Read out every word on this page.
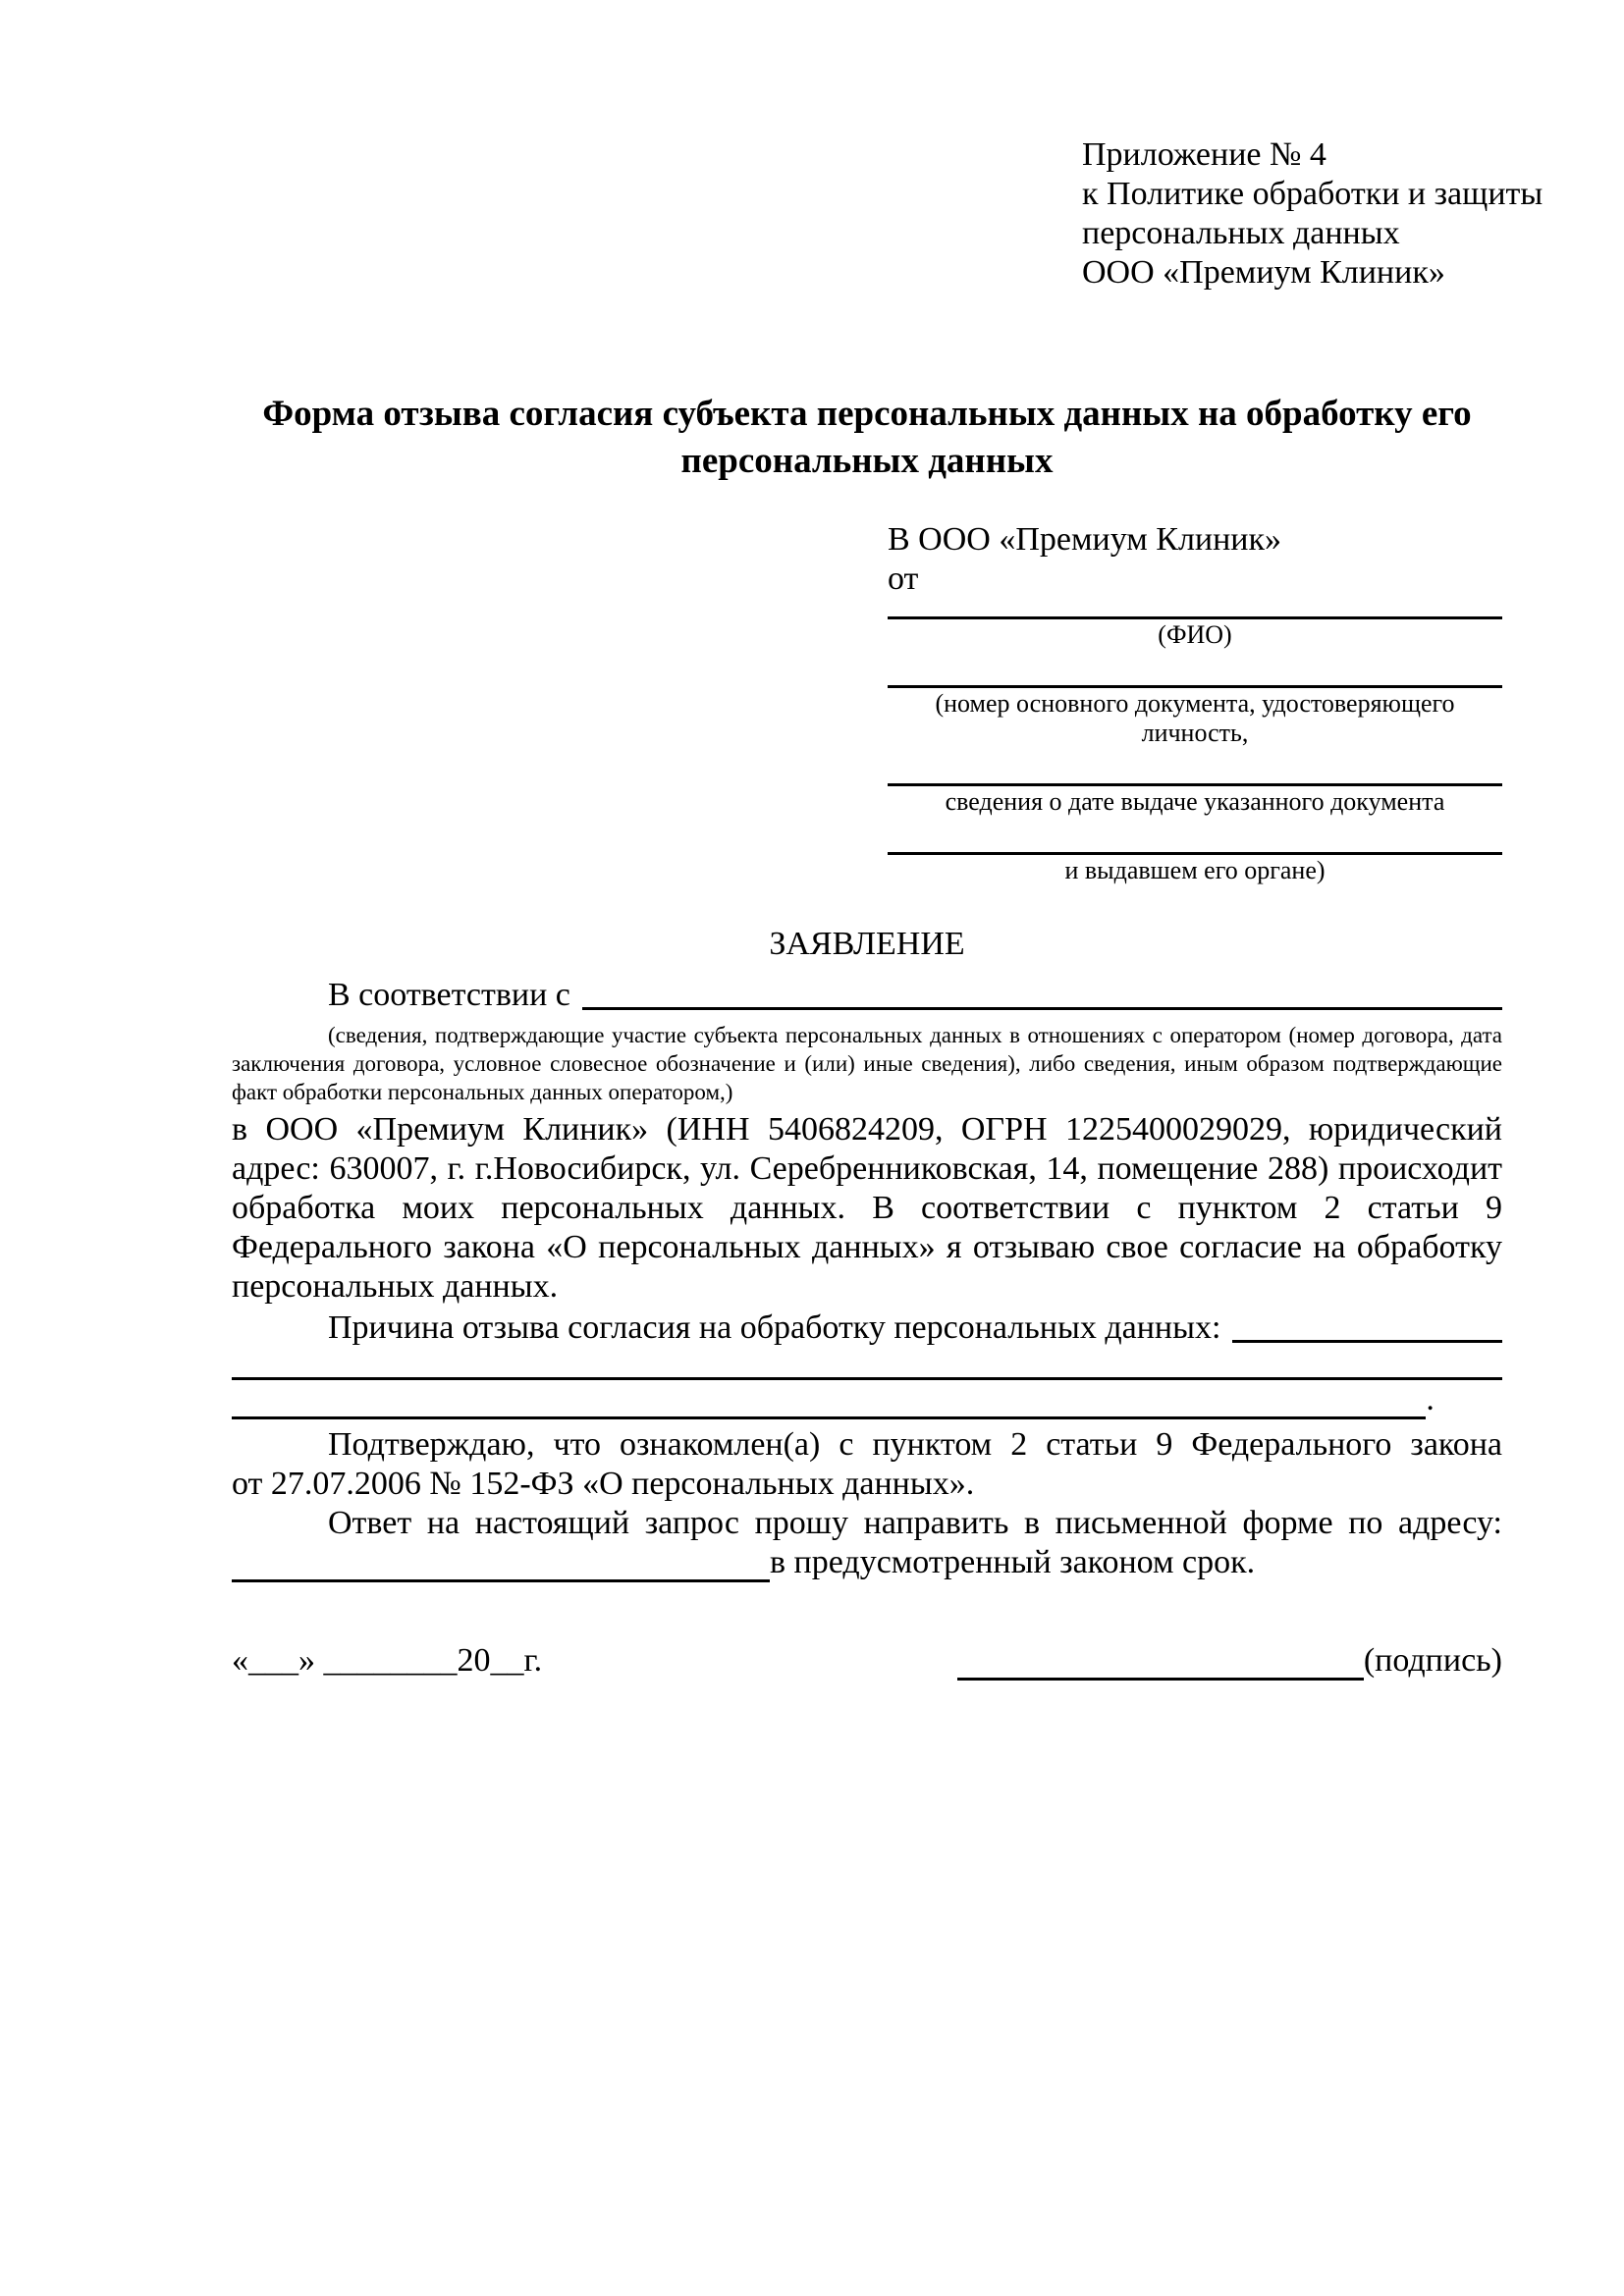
Приложение № 4
к Политике обработки и защиты
персональных данных
ООО «Премиум Клиник»
Форма отзыва согласия субъекта персональных данных на обработку его персональных данных
В ООО «Премиум Клиник»
от
(ФИО)
(номер основного документа, удостоверяющего личность,
сведения о дате выдаче указанного документа
и выдавшем его органе)
ЗАЯВЛЕНИЕ
В соответствии с
(сведения, подтверждающие участие субъекта персональных данных в отношениях с оператором (номер договора, дата заключения договора, условное словесное обозначение и (или) иные сведения), либо сведения, иным образом подтверждающие факт обработки персональных данных оператором,)

в ООО «Премиум Клиник» (ИНН 5406824209, ОГРН 1225400029029, юридический адрес: 630007, г. г.Новосибирск, ул. Серебренниковская, 14, помещение 288) происходит обработка моих персональных данных. В соответствии с пунктом 2 статьи 9 Федерального закона «О персональных данных» я отзываю свое согласие на обработку персональных данных.

Причина отзыва согласия на обработку персональных данных:
.

Подтверждаю, что ознакомлен(а) с пунктом 2 статьи 9 Федерального закона от 27.07.2006 № 152-ФЗ «О персональных данных».

Ответ на настоящий запрос прошу направить в письменной форме по адресу:

в предусмотренный законом срок.
«___» ________20__г.	(подпись)
